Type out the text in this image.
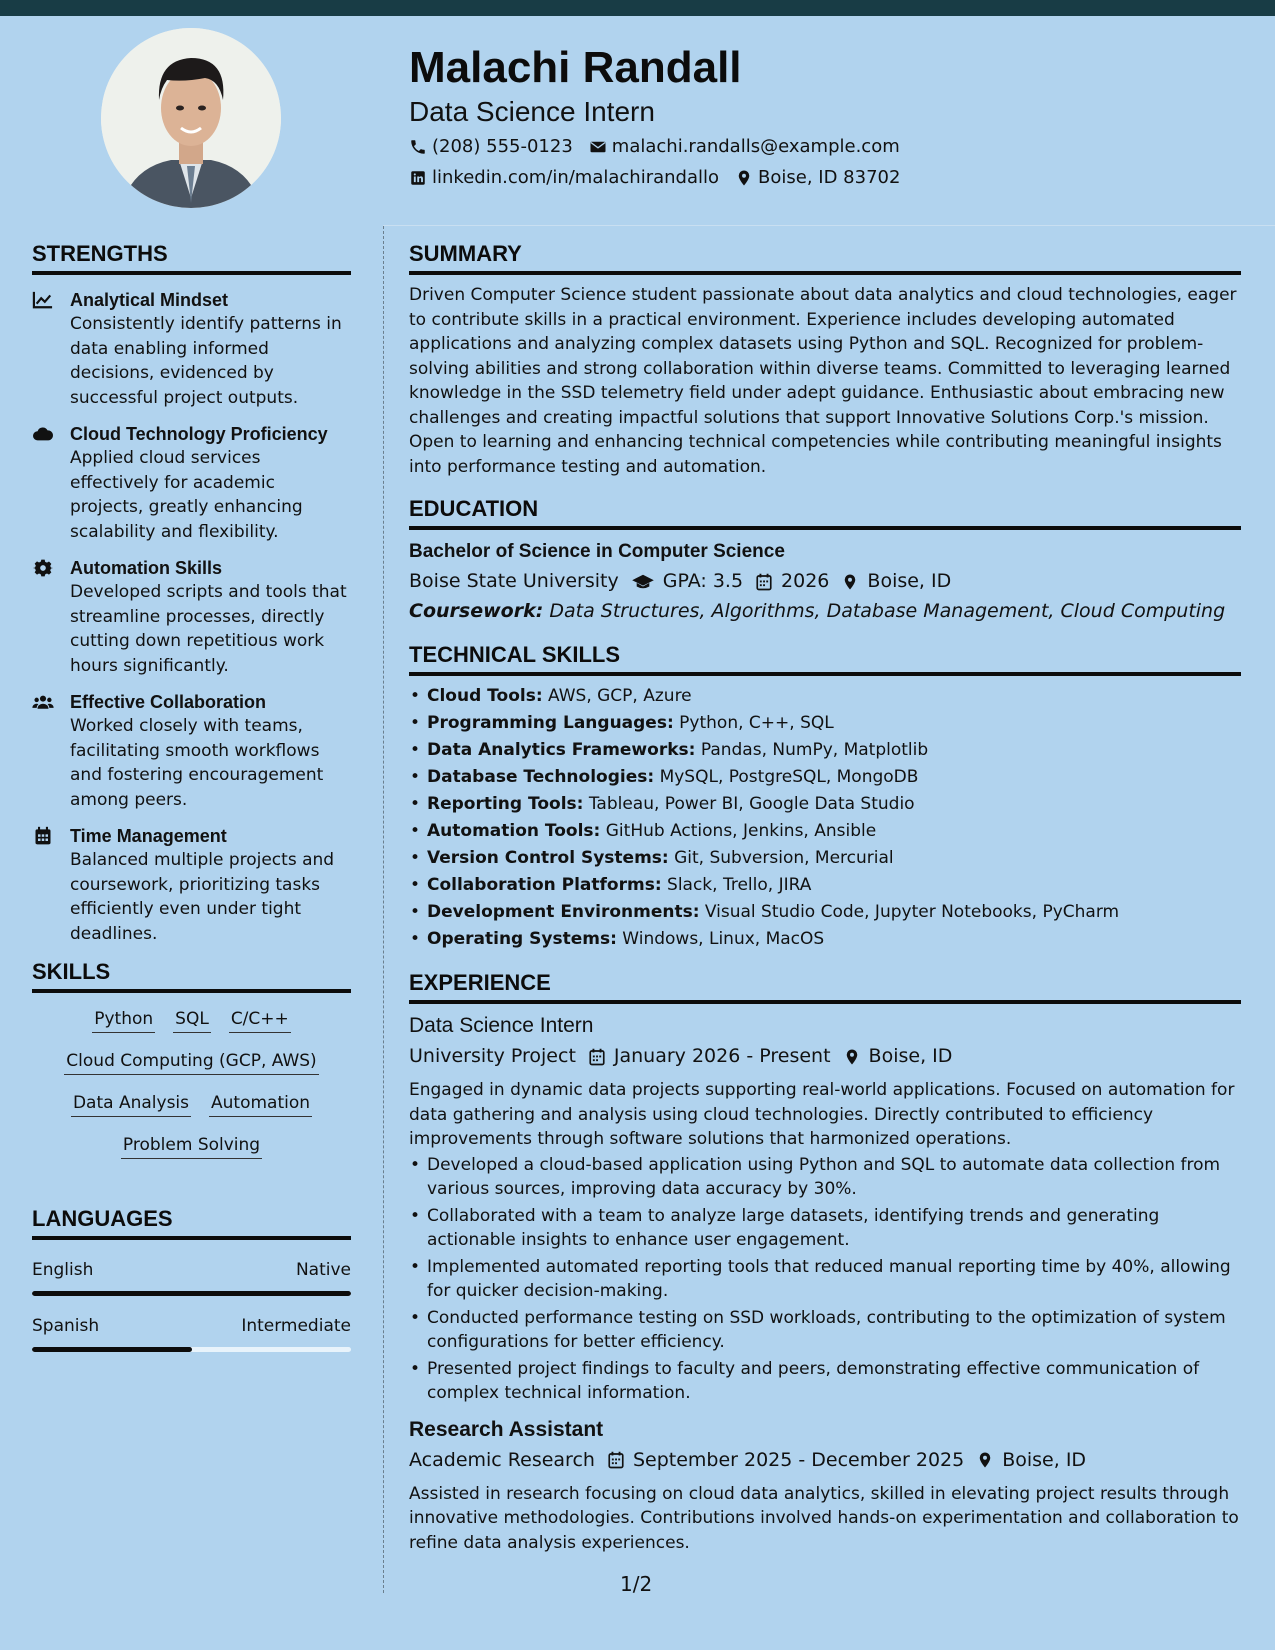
Malachi Randall
Data Science Intern
(208) 555-0123 malachi.randalls@example.com
linkedin.com/in/malachirandallo Boise, ID 83702
STRENGTHS
Analytical Mindset
Consistently identify patterns in data enabling informed decisions, evidenced by successful project outputs.
Cloud Technology Proficiency
Applied cloud services effectively for academic projects, greatly enhancing scalability and flexibility.
Automation Skills
Developed scripts and tools that streamline processes, directly cutting down repetitious work hours significantly.
Effective Collaboration
Worked closely with teams, facilitating smooth workflows and fostering encouragement among peers.
Time Management
Balanced multiple projects and coursework, prioritizing tasks efficiently even under tight deadlines.
SKILLS
Python SQL C/C++
Cloud Computing (GCP, AWS)
Data Analysis Automation
Problem Solving
LANGUAGES
English	Native
Spanish	Intermediate
SUMMARY
Driven Computer Science student passionate about data analytics and cloud technologies, eager to contribute skills in a practical environment. Experience includes developing automated applications and analyzing complex datasets using Python and SQL. Recognized for problem-solving abilities and strong collaboration within diverse teams. Committed to leveraging learned knowledge in the SSD telemetry field under adept guidance. Enthusiastic about embracing new challenges and creating impactful solutions that support Innovative Solutions Corp.'s mission. Open to learning and enhancing technical competencies while contributing meaningful insights into performance testing and automation.
EDUCATION
Bachelor of Science in Computer Science
Boise State University GPA: 3.5 2026 Boise, ID
Coursework: Data Structures, Algorithms, Database Management, Cloud Computing
TECHNICAL SKILLS
• Cloud Tools: AWS, GCP, Azure
• Programming Languages: Python, C++, SQL
• Data Analytics Frameworks: Pandas, NumPy, Matplotlib
• Database Technologies: MySQL, PostgreSQL, MongoDB
• Reporting Tools: Tableau, Power BI, Google Data Studio
• Automation Tools: GitHub Actions, Jenkins, Ansible
• Version Control Systems: Git, Subversion, Mercurial
• Collaboration Platforms: Slack, Trello, JIRA
• Development Environments: Visual Studio Code, Jupyter Notebooks, PyCharm
• Operating Systems: Windows, Linux, MacOS
EXPERIENCE
Data Science Intern
University Project January 2026 - Present Boise, ID
Engaged in dynamic data projects supporting real-world applications. Focused on automation for data gathering and analysis using cloud technologies. Directly contributed to efficiency improvements through software solutions that harmonized operations.
• Developed a cloud-based application using Python and SQL to automate data collection from various sources, improving data accuracy by 30%.
• Collaborated with a team to analyze large datasets, identifying trends and generating actionable insights to enhance user engagement.
• Implemented automated reporting tools that reduced manual reporting time by 40%, allowing for quicker decision-making.
• Conducted performance testing on SSD workloads, contributing to the optimization of system configurations for better efficiency.
• Presented project findings to faculty and peers, demonstrating effective communication of complex technical information.
Research Assistant
Academic Research September 2025 - December 2025 Boise, ID
Assisted in research focusing on cloud data analytics, skilled in elevating project results through innovative methodologies. Contributions involved hands-on experimentation and collaboration to refine data analysis experiences.
1/2
